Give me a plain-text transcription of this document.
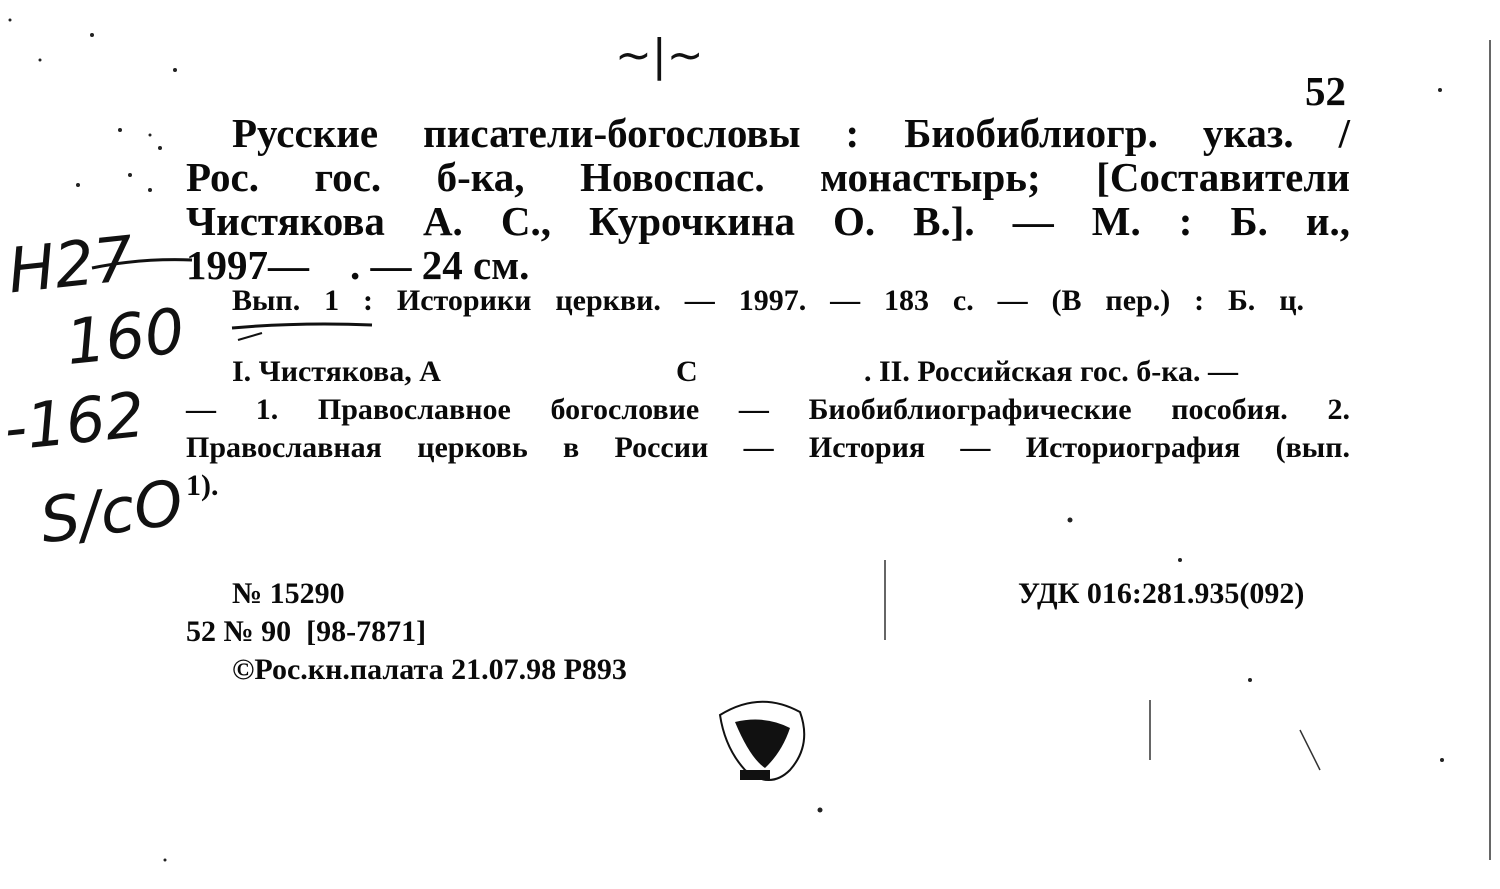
~|~
52
Русские писатели-богословы : Биобиблиогр. указ. /
Рос. гос. б-ка, Новоспас. монастырь; [Составители
Чистякова А. С., Курочкина О. В.]. — М. : Б. и.,
1997—    . — 24 см.
Вып. 1 : Историки церкви. — 1997. — 183 с. — (В пер.) : Б. ц.
I. Чистякова, А	С	. II. Российская гос. б-ка. —
— 1. Православное богословие — Биобиблиографические пособия. 2.
Православная церковь в России — История — Историография (вып.
1).
Н27
160
-162
S/сО
№ 15290
52 № 90  [98-7871]
©Рос.кн.палата 21.07.98 Р893
УДК 016:281.935(092)
